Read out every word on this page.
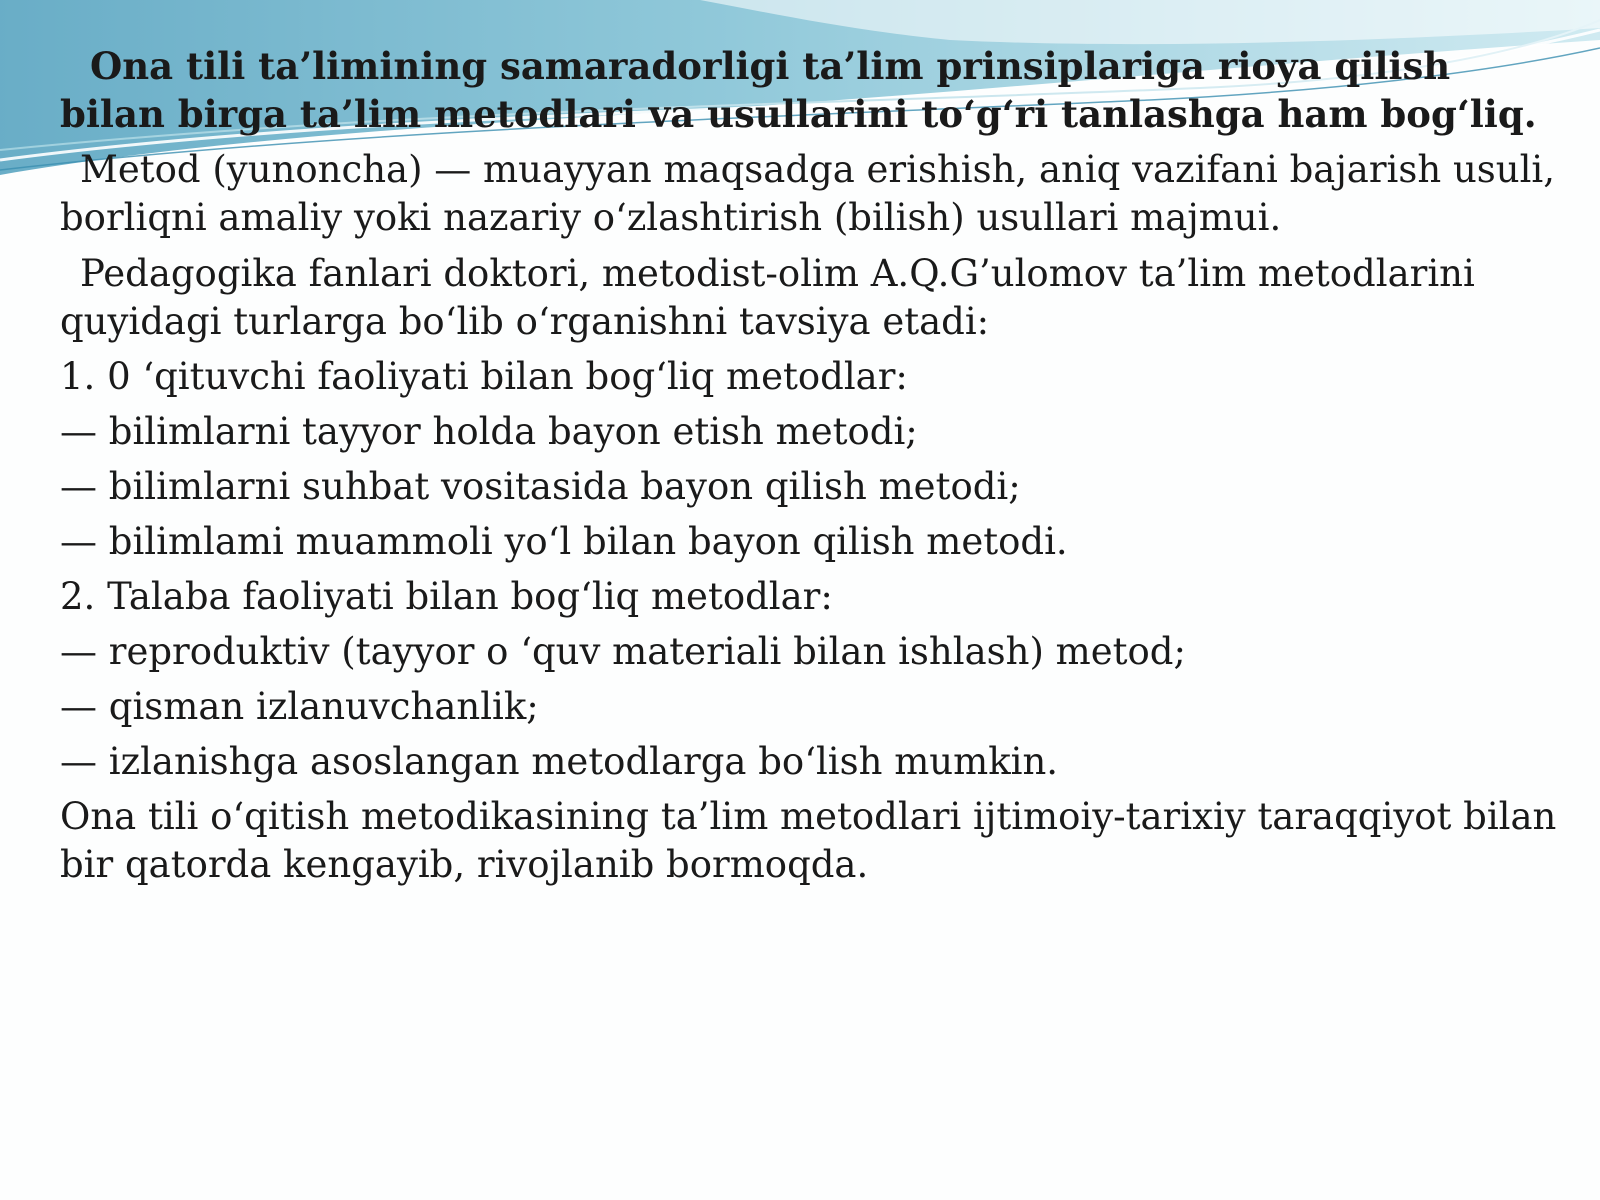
Ona tili ta’limining samaradorligi ta’lim prinsiplariga rioya qilish bilan birga ta’lim metodlari va usullarini to‘g‘ri tanlashga ham bog‘liq.

Metod (yunoncha) — muayyan maqsadga erishish, aniq vazifani bajarish usuli, borliqni amaliy yoki nazariy o‘zlashtirish (bilish) usullari majmui.

Pedagogika fanlari doktori, metodist-olim A.Q.G’ulomov ta’lim metodlarini quyidagi turlarga bo‘lib o‘rganishni tavsiya etadi:

1. 0 ‘qituvchi faoliyati bilan bog‘liq metodlar:

— bilimlarni tayyor holda bayon etish metodi;

— bilimlarni suhbat vositasida bayon qilish metodi;

— bilimlami muammoli yo‘l bilan bayon qilish metodi.

2. Talaba faoliyati bilan bog‘liq metodlar:

— reproduktiv (tayyor o ‘quv materiali bilan ishlash) metod;

— qisman izlanuvchanlik;

— izlanishga asoslangan metodlarga bo‘lish mumkin.

Ona tili o‘qitish metodikasining ta’lim metodlari ijtimoiy-tarixiy taraqqiyot bilan bir qatorda kengayib, rivojlanib bormoqda.
